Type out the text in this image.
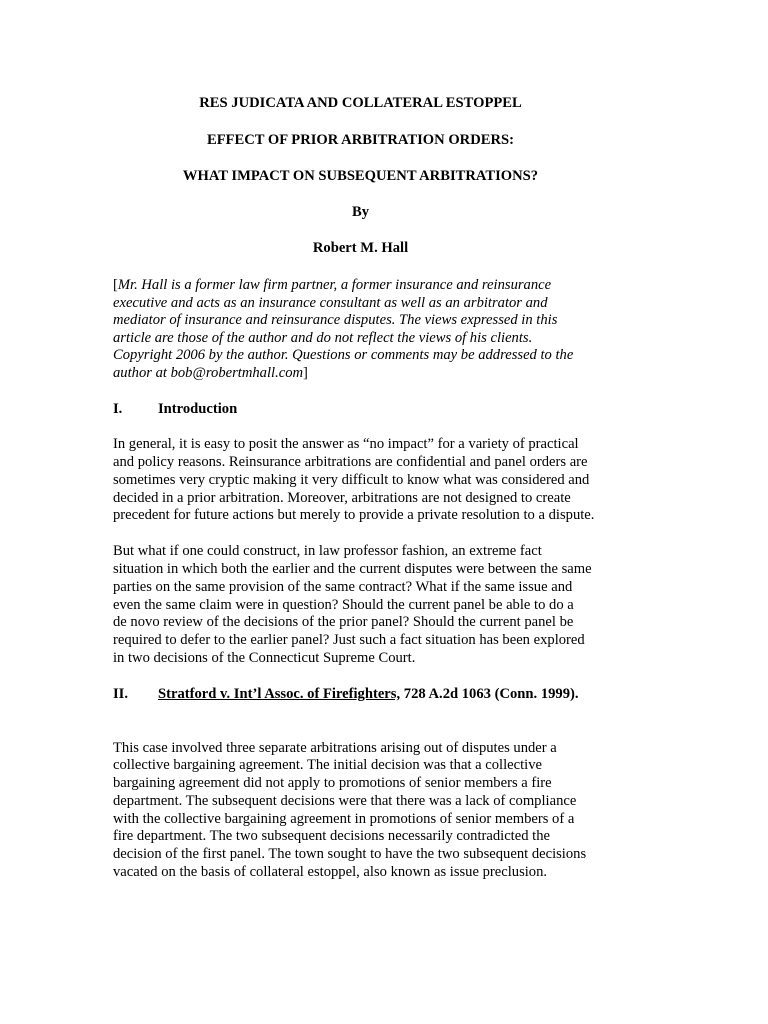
RES JUDICATA AND COLLATERAL ESTOPPEL
EFFECT OF PRIOR ARBITRATION ORDERS:
WHAT IMPACT ON SUBSEQUENT ARBITRATIONS?
By
Robert M. Hall
[Mr. Hall is a former law firm partner, a former insurance and reinsurance
executive and acts as an insurance consultant as well as an arbitrator and
mediator of insurance and reinsurance disputes. The views expressed in this
article are those of the author and do not reflect the views of his clients.
Copyright 2006 by the author. Questions or comments may be addressed to the
author at bob@robertmhall.com]
I. Introduction
In general, it is easy to posit the answer as “no impact” for a variety of practical
and policy reasons. Reinsurance arbitrations are confidential and panel orders are
sometimes very cryptic making it very difficult to know what was considered and
decided in a prior arbitration. Moreover, arbitrations are not designed to create
precedent for future actions but merely to provide a private resolution to a dispute.
But what if one could construct, in law professor fashion, an extreme fact
situation in which both the earlier and the current disputes were between the same
parties on the same provision of the same contract? What if the same issue and
even the same claim were in question? Should the current panel be able to do a
de novo review of the decisions of the prior panel? Should the current panel be
required to defer to the earlier panel? Just such a fact situation has been explored
in two decisions of the Connecticut Supreme Court.
II. Stratford v. Int’l Assoc. of Firefighters, 728 A.2d 1063 (Conn. 1999).
This case involved three separate arbitrations arising out of disputes under a
collective bargaining agreement. The initial decision was that a collective
bargaining agreement did not apply to promotions of senior members a fire
department. The subsequent decisions were that there was a lack of compliance
with the collective bargaining agreement in promotions of senior members of a
fire department. The two subsequent decisions necessarily contradicted the
decision of the first panel. The town sought to have the two subsequent decisions
vacated on the basis of collateral estoppel, also known as issue preclusion.
